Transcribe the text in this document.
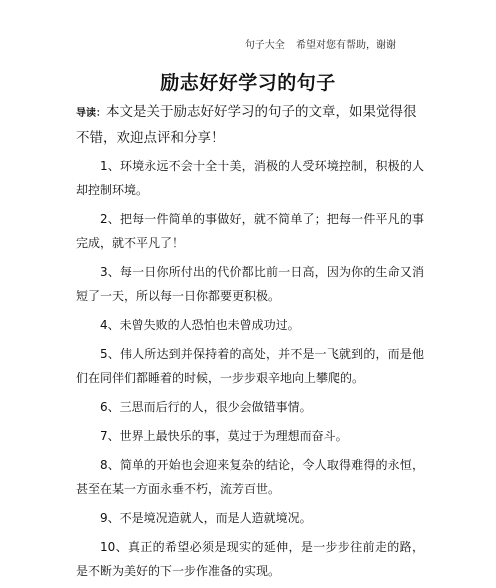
句子大全 希望对您有帮助，谢谢
励志好好学习的句子

导读：本文是关于励志好好学习的句子的文章，如果觉得很不错，欢迎点评和分享！

1、环境永远不会十全十美，消极的人受环境控制，积极的人却控制环境。

2、把每一件简单的事做好，就不简单了；把每一件平凡的事完成，就不平凡了！

3、每一日你所付出的代价都比前一日高，因为你的生命又消短了一天，所以每一日你都要更积极。

4、未曾失败的人恐怕也未曾成功过。

5、伟人所达到并保持着的高处，并不是一飞就到的，而是他们在同伴们都睡着的时候，一步步艰辛地向上攀爬的。

6、三思而后行的人，很少会做错事情。

7、世界上最快乐的事，莫过于为理想而奋斗。

8、简单的开始也会迎来复杂的结论，令人取得难得的永恒，甚至在某一方面永垂不朽，流芳百世。

9、不是境况造就人，而是人造就境况。

10、真正的希望必须是现实的延伸，是一步步往前走的路，是不断为美好的下一步作准备的实现。
